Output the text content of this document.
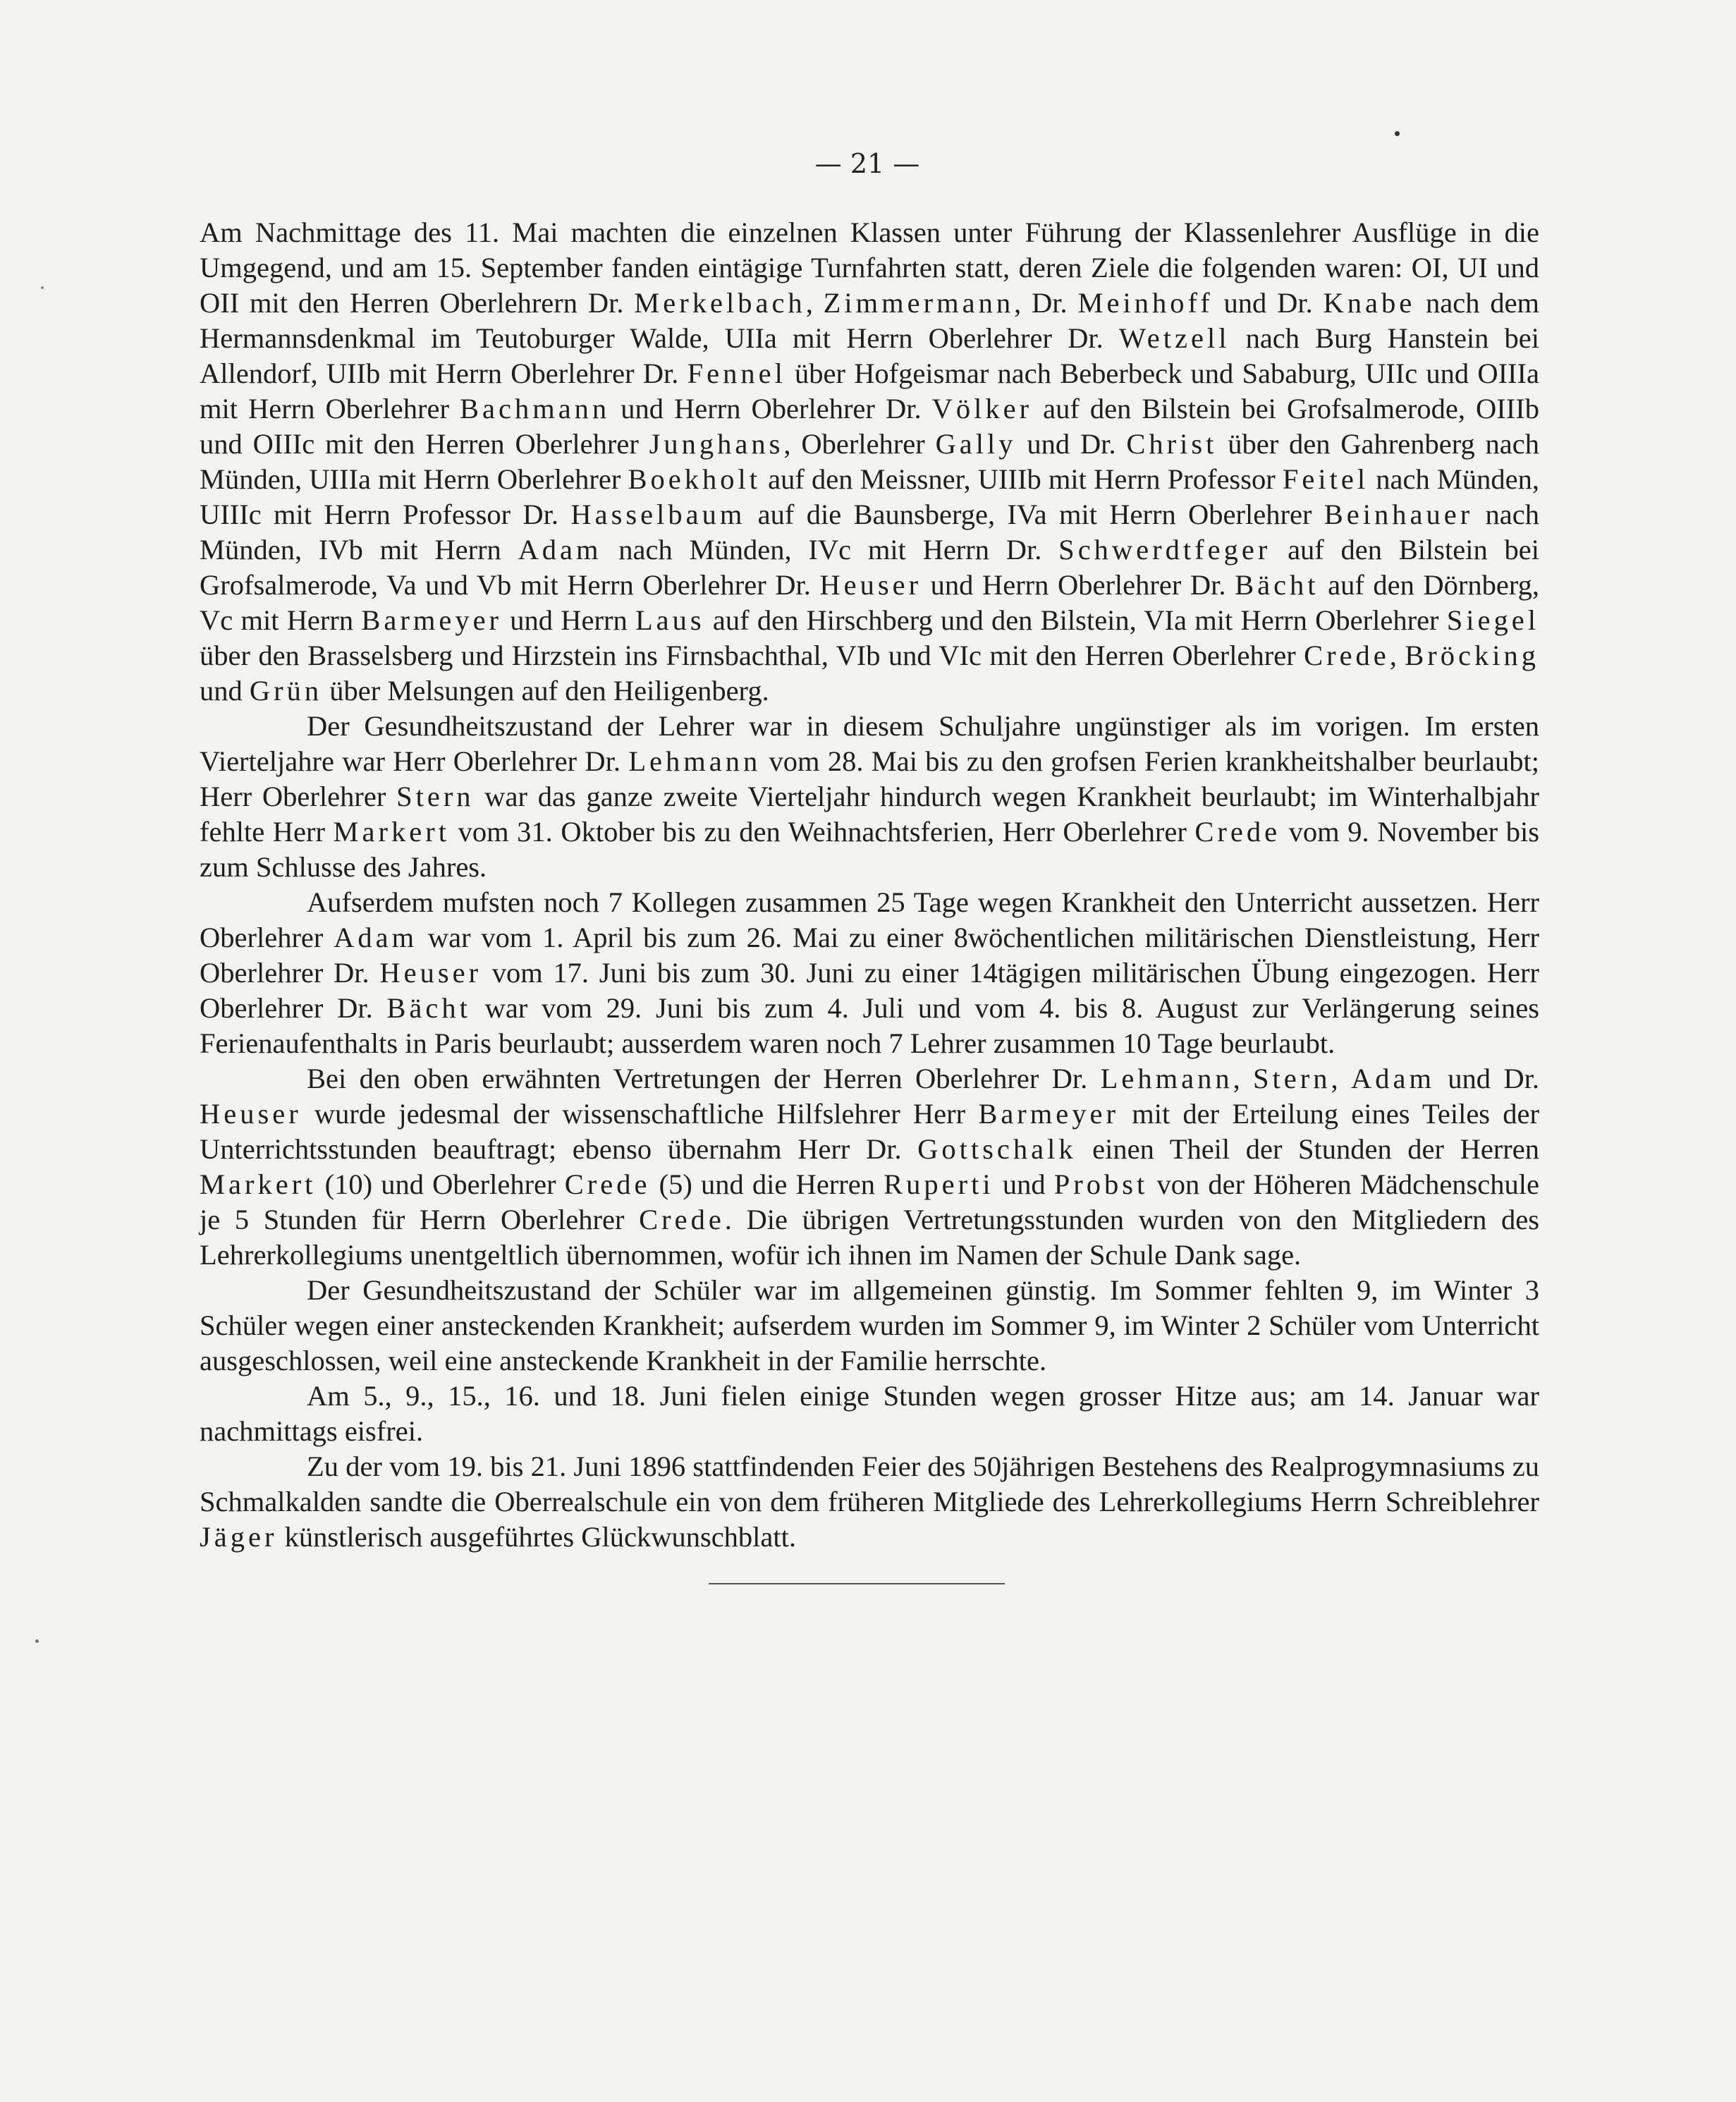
— 21 —

Am Nachmittage des 11. Mai machten die einzelnen Klassen unter Führung der Klassenlehrer Ausflüge in die Umgegend, und am 15. September fanden eintägige Turnfahrten statt, deren Ziele die folgenden waren: OI, UI und OII mit den Herren Oberlehrern Dr. Merkelbach, Zimmermann, Dr. Meinhoff und Dr. Knabe nach dem Hermannsdenkmal im Teutoburger Walde, UIIa mit Herrn Oberlehrer Dr. Wetzell nach Burg Hanstein bei Allendorf, UIIb mit Herrn Oberlehrer Dr. Fennel über Hofgeismar nach Beberbeck und Sababurg, UIIc und OIIIa mit Herrn Oberlehrer Bachmann und Herrn Oberlehrer Dr. Völker auf den Bilstein bei Grofsalmerode, OIIIb und OIIIc mit den Herren Oberlehrer Junghans, Oberlehrer Gally und Dr. Christ über den Gahrenberg nach Münden, UIIIa mit Herrn Oberlehrer Boekholt auf den Meissner, UIIIb mit Herrn Professor Feitel nach Münden, UIIIc mit Herrn Professor Dr. Hasselbaum auf die Baunsberge, IVa mit Herrn Oberlehrer Beinhauer nach Münden, IVb mit Herrn Adam nach Münden, IVc mit Herrn Dr. Schwerdtfeger auf den Bilstein bei Grofsalmerode, Va und Vb mit Herrn Oberlehrer Dr. Heuser und Herrn Oberlehrer Dr. Bächt auf den Dörnberg, Vc mit Herrn Barmeyer und Herrn Laus auf den Hirschberg und den Bilstein, VIa mit Herrn Oberlehrer Siegel über den Brasselsberg und Hirzstein ins Firnsbachthal, VIb und VIc mit den Herren Oberlehrer Crede, Bröcking und Grün über Melsungen auf den Heiligenberg.

Der Gesundheitszustand der Lehrer war in diesem Schuljahre ungünstiger als im vorigen. Im ersten Vierteljahre war Herr Oberlehrer Dr. Lehmann vom 28. Mai bis zu den grofsen Ferien krankheitshalber beurlaubt; Herr Oberlehrer Stern war das ganze zweite Vierteljahr hindurch wegen Krankheit beurlaubt; im Winterhalbjahr fehlte Herr Markert vom 31. Oktober bis zu den Weihnachtsferien, Herr Oberlehrer Crede vom 9. November bis zum Schlusse des Jahres.

Aufserdem mufsten noch 7 Kollegen zusammen 25 Tage wegen Krankheit den Unterricht aussetzen. Herr Oberlehrer Adam war vom 1. April bis zum 26. Mai zu einer 8wöchentlichen militärischen Dienstleistung, Herr Oberlehrer Dr. Heuser vom 17. Juni bis zum 30. Juni zu einer 14tägigen militärischen Übung eingezogen. Herr Oberlehrer Dr. Bächt war vom 29. Juni bis zum 4. Juli und vom 4. bis 8. August zur Verlängerung seines Ferienaufenthalts in Paris beurlaubt; ausserdem waren noch 7 Lehrer zusammen 10 Tage beurlaubt.

Bei den oben erwähnten Vertretungen der Herren Oberlehrer Dr. Lehmann, Stern, Adam und Dr. Heuser wurde jedesmal der wissenschaftliche Hilfslehrer Herr Barmeyer mit der Erteilung eines Teiles der Unterrichtsstunden beauftragt; ebenso übernahm Herr Dr. Gottschalk einen Theil der Stunden der Herren Markert (10) und Oberlehrer Crede (5) und die Herren Ruperti und Probst von der Höheren Mädchenschule je 5 Stunden für Herrn Oberlehrer Crede. Die übrigen Vertretungsstunden wurden von den Mitgliedern des Lehrerkollegiums unentgeltlich übernommen, wofür ich ihnen im Namen der Schule Dank sage.

Der Gesundheitszustand der Schüler war im allgemeinen günstig. Im Sommer fehlten 9, im Winter 3 Schüler wegen einer ansteckenden Krankheit; aufserdem wurden im Sommer 9, im Winter 2 Schüler vom Unterricht ausgeschlossen, weil eine ansteckende Krankheit in der Familie herrschte.

Am 5., 9., 15., 16. und 18. Juni fielen einige Stunden wegen grosser Hitze aus; am 14. Januar war nachmittags eisfrei.

Zu der vom 19. bis 21. Juni 1896 stattfindenden Feier des 50jährigen Bestehens des Realprogymnasiums zu Schmalkalden sandte die Oberrealschule ein von dem früheren Mitgliede des Lehrerkollegiums Herrn Schreiblehrer Jäger künstlerisch ausgeführtes Glückwunschblatt.
